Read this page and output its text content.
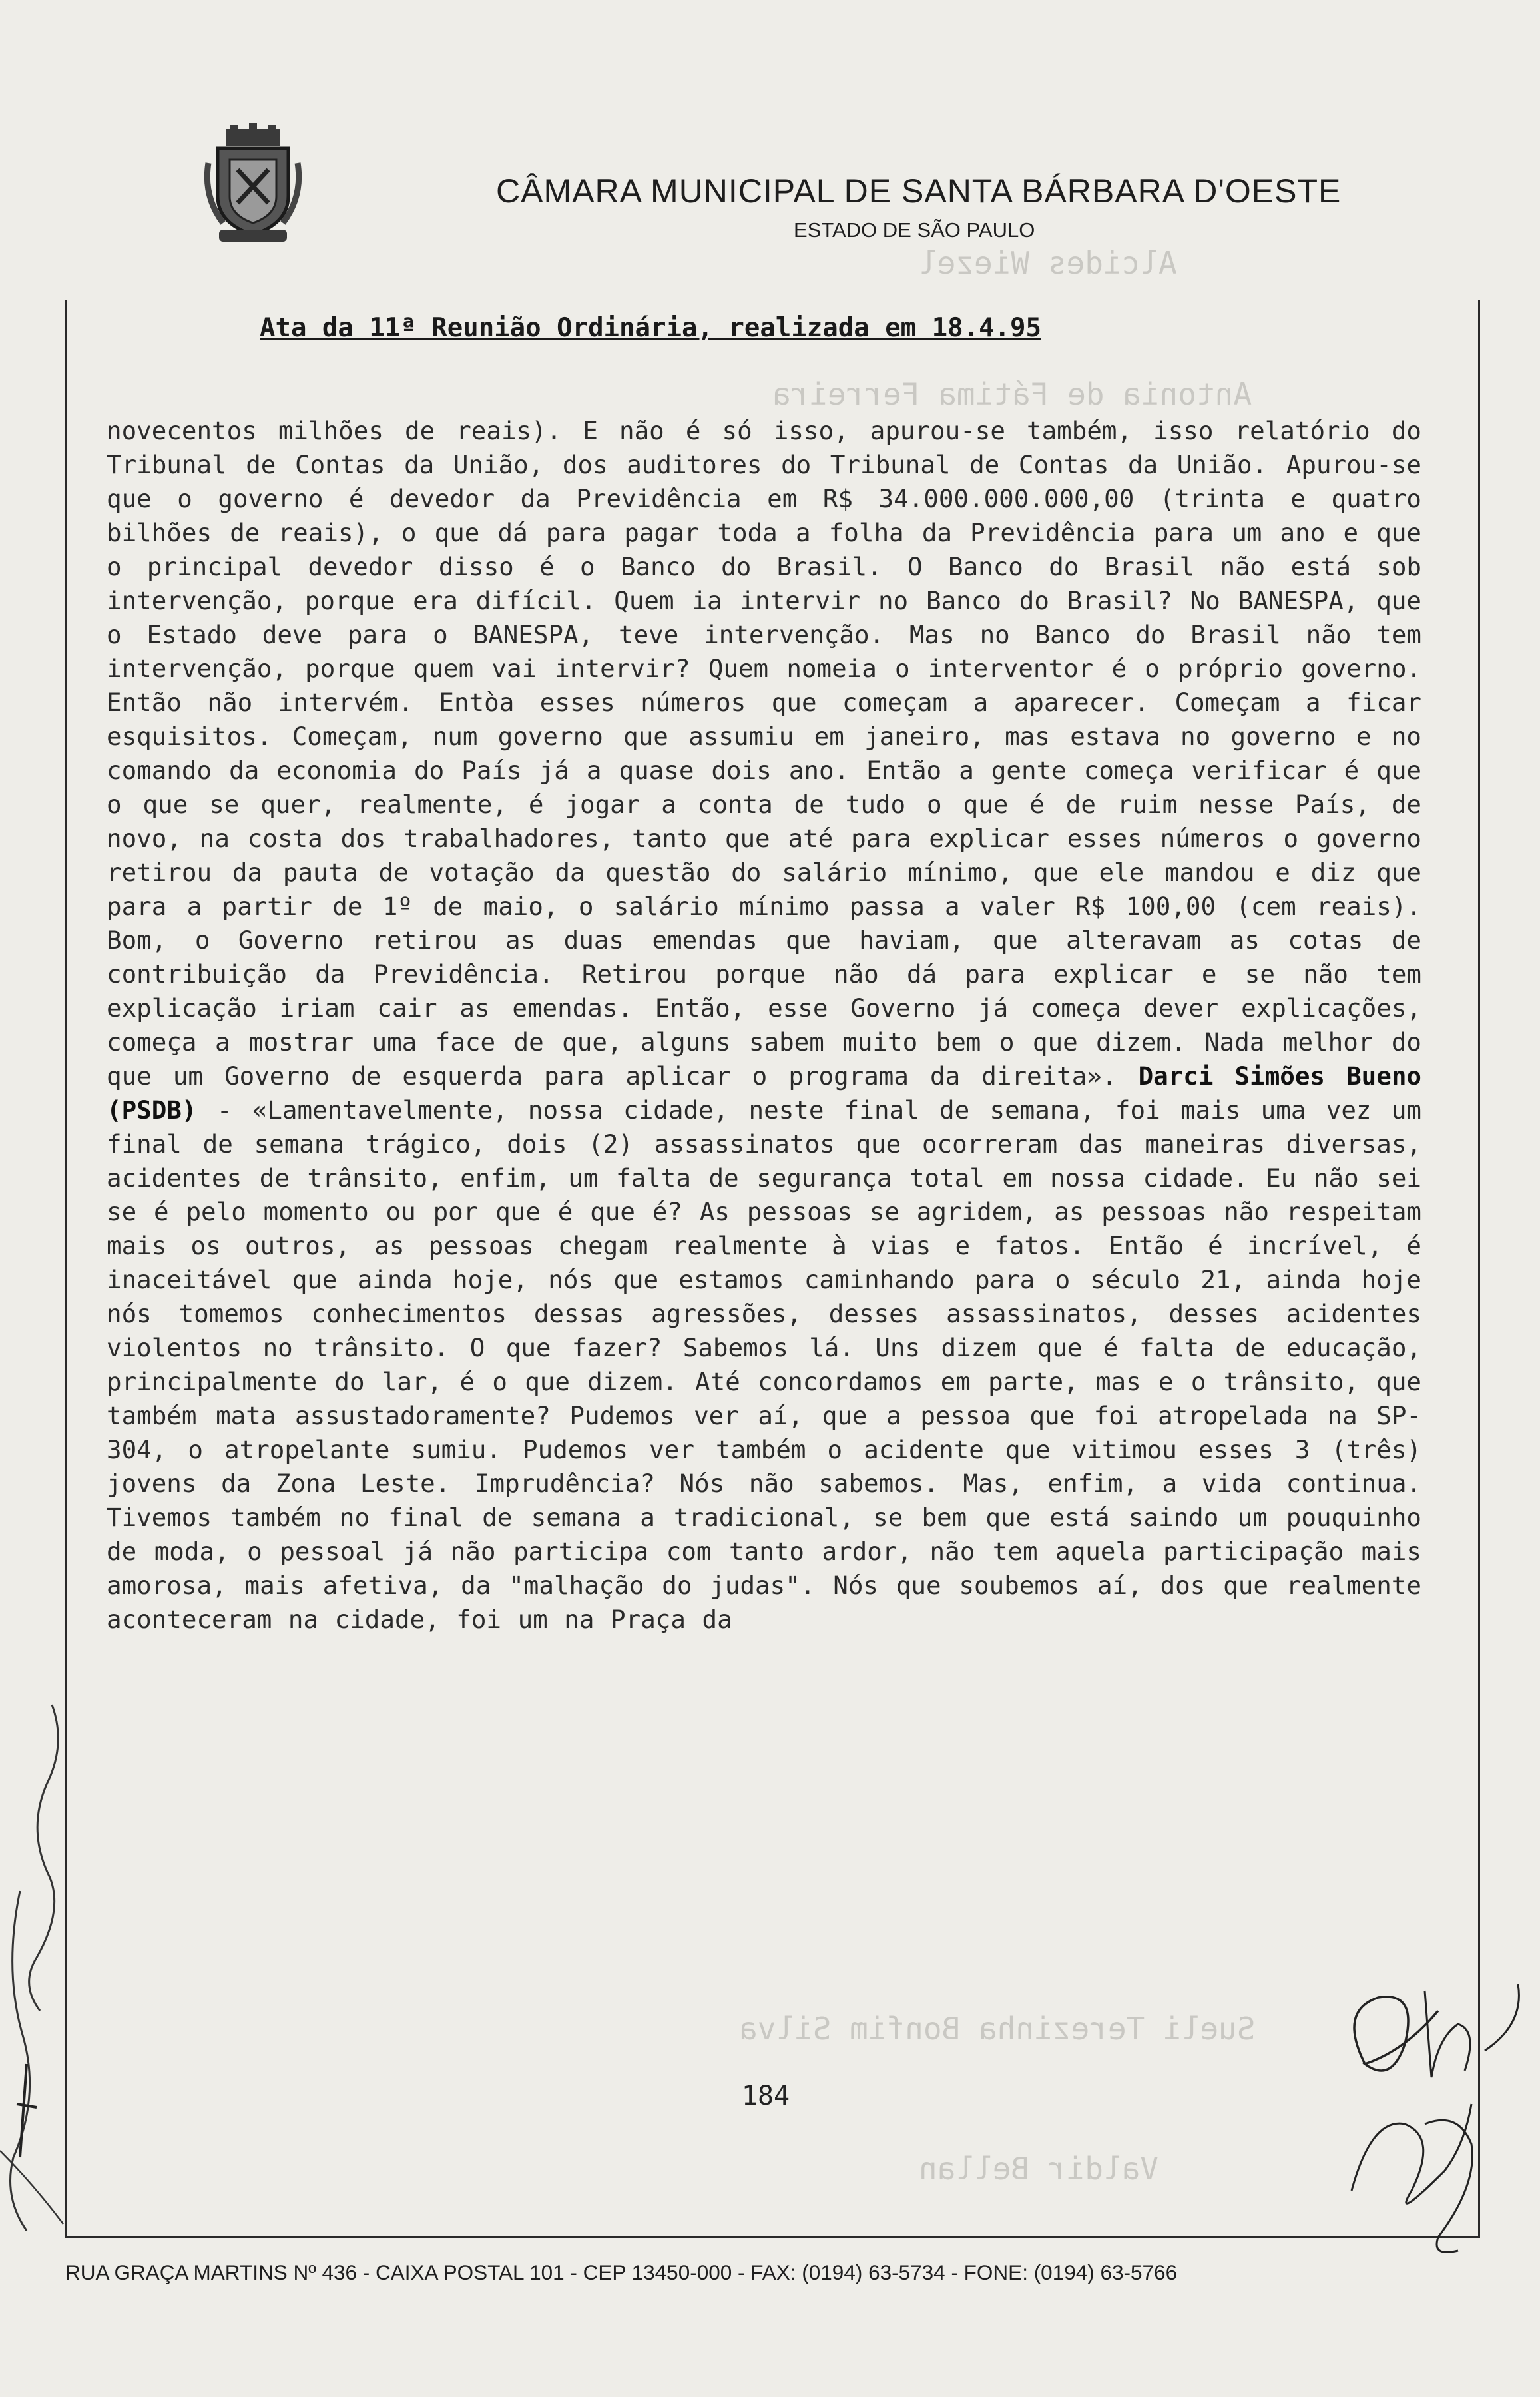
CÂMARA MUNICIPAL DE SANTA BÁRBARA D'OESTE
ESTADO DE SÃO PAULO
Alcides Wiezel
Antonia de Fátima Ferreira
Sueli Terezinha Bonfim Silva
Valdir Bellan
Ata da 11ª Reunião Ordinária, realizada em 18.4.95
novecentos milhões de reais). E não é só isso, apurou-se também, isso relatório do Tribunal de Contas da União, dos auditores do Tribunal de Contas da União. Apurou-se que o governo é devedor da Previdência em R$ 34.000.000.000,00 (trinta e quatro bilhões de reais), o que dá para pagar toda a folha da Previdência para um ano e que o principal devedor disso é o Banco do Brasil. O Banco do Brasil não está sob intervenção, porque era difícil. Quem ia intervir no Banco do Brasil? No BANESPA, que o Estado deve para o BANESPA, teve intervenção. Mas no Banco do Brasil não tem intervenção, porque quem vai intervir? Quem nomeia o interventor é o próprio governo. Então não intervém. Entòa esses números que começam a aparecer. Começam a ficar esquisitos. Começam, num governo que assumiu em janeiro, mas estava no governo e no comando da economia do País já a quase dois ano. Então a gente começa verificar é que o que se quer, realmente, é jogar a conta de tudo o que é de ruim nesse País, de novo, na costa dos trabalhadores, tanto que até para explicar esses números o governo retirou da pauta de votação da questão do salário mínimo, que ele mandou e diz que para a partir de 1º de maio, o salário mínimo passa a valer R$ 100,00 (cem reais). Bom, o Governo retirou as duas emendas que haviam, que alteravam as cotas de contribuição da Previdência. Retirou porque não dá para explicar e se não tem explicação iriam cair as emendas. Então, esse Governo já começa dever explicações, começa a mostrar uma face de que, alguns sabem muito bem o que dizem. Nada melhor do que um Governo de esquerda para aplicar o programa da direita». Darci Simões Bueno (PSDB) - «Lamentavelmente, nossa cidade, neste final de semana, foi mais uma vez um final de semana trágico, dois (2) assassinatos que ocorreram das maneiras diversas, acidentes de trânsito, enfim, um falta de segurança total em nossa cidade. Eu não sei se é pelo momento ou por que é que é? As pessoas se agridem, as pessoas não respeitam mais os outros, as pessoas chegam realmente à vias e fatos. Então é incrível, é inaceitável que ainda hoje, nós que estamos caminhando para o século 21, ainda hoje nós tomemos conhecimentos dessas agressões, desses assassinatos, desses acidentes violentos no trânsito. O que fazer? Sabemos lá. Uns dizem que é falta de educação, principalmente do lar, é o que dizem. Até concordamos em parte, mas e o trânsito, que também mata assustadoramente? Pudemos ver aí, que a pessoa que foi atropelada na SP-304, o atropelante sumiu. Pudemos ver também o acidente que vitimou esses 3 (três) jovens da Zona Leste. Imprudência? Nós não sabemos. Mas, enfim, a vida continua. Tivemos também no final de semana a tradicional, se bem que está saindo um pouquinho de moda, o pessoal já não participa com tanto ardor, não tem aquela participação mais amorosa, mais afetiva, da "malhação do judas". Nós que soubemos aí, dos que realmente aconteceram na cidade, foi um na Praça da
184
RUA GRAÇA MARTINS Nº 436 - CAIXA POSTAL 101 - CEP 13450-000 - FAX: (0194) 63-5734 - FONE: (0194) 63-5766
